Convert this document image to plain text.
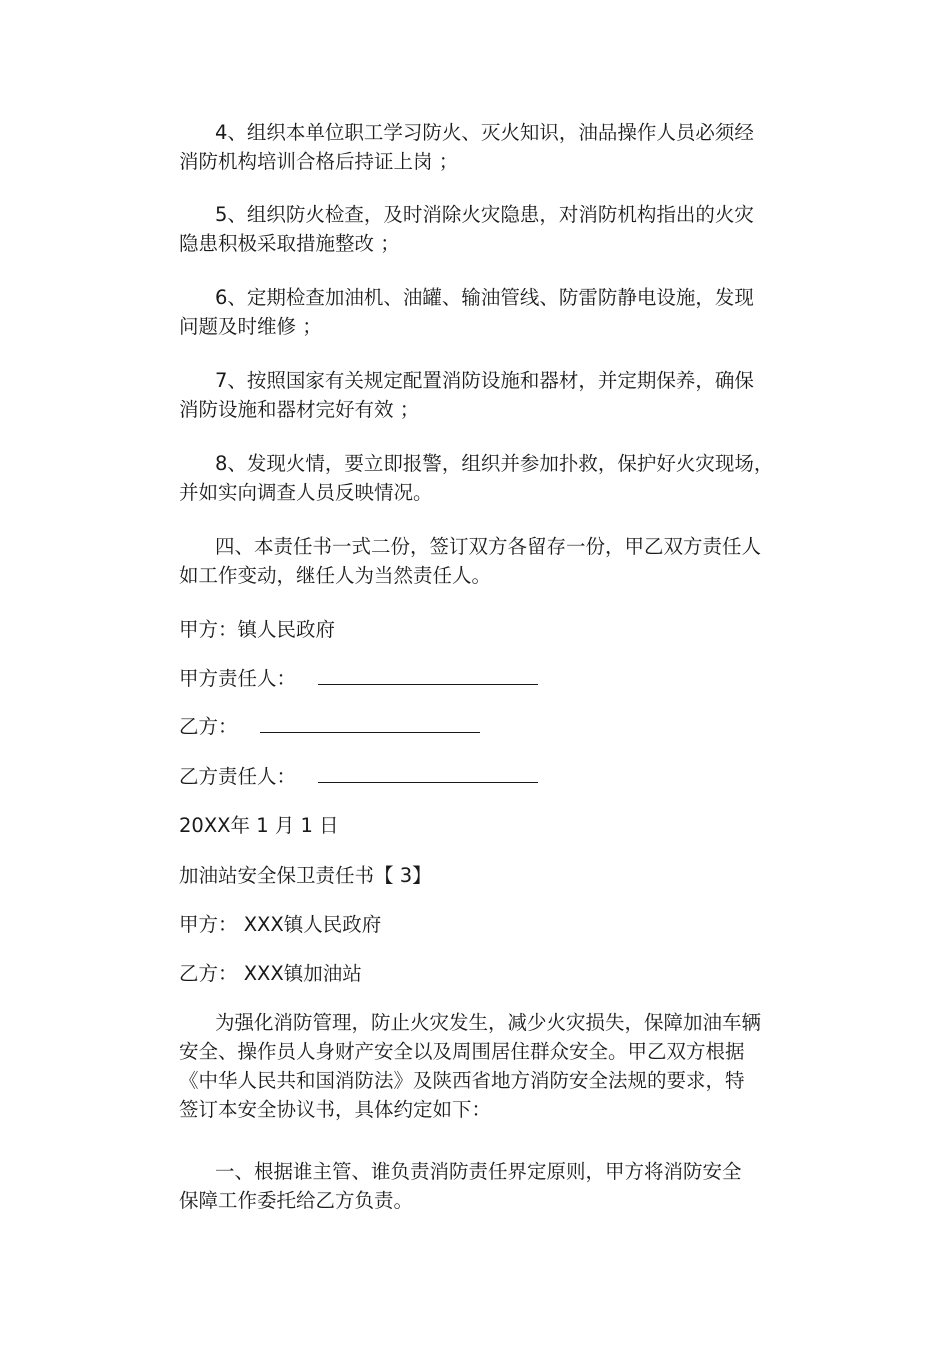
4、组织本单位职工学习防火、灭火知识，油品操作人员必须经
消防机构培训合格后持证上岗 ；

5、组织防火检查，及时消除火灾隐患，对消防机构指出的火灾
隐患积极采取措施整改 ；

6、定期检查加油机、油罐、输油管线、防雷防静电设施，发现
问题及时维修 ；

7、按照国家有关规定配置消防设施和器材，并定期保养，确保
消防设施和器材完好有效 ；

8、发现火情，要立即报警，组织并参加扑救，保护好火灾现场，
并如实向调查人员反映情况。

四、本责任书一式二份，签订双方各留存一份，甲乙双方责任人
如工作变动，继任人为当然责任人。

甲方：镇人民政府

甲方责任人：

乙方：

乙方责任人：

20XX年 1 月 1 日

加油站安全保卫责任书【 3】

甲方： XXX镇人民政府

乙方： XXX镇加油站

为强化消防管理，防止火灾发生，减少火灾损失，保障加油车辆
安全、操作员人身财产安全以及周围居住群众安全。甲乙双方根据
《中华人民共和国消防法》及陕西省地方消防安全法规的要求，特
签订本安全协议书，具体约定如下：

一、根据谁主管、谁负责消防责任界定原则，甲方将消防安全
保障工作委托给乙方负责。
